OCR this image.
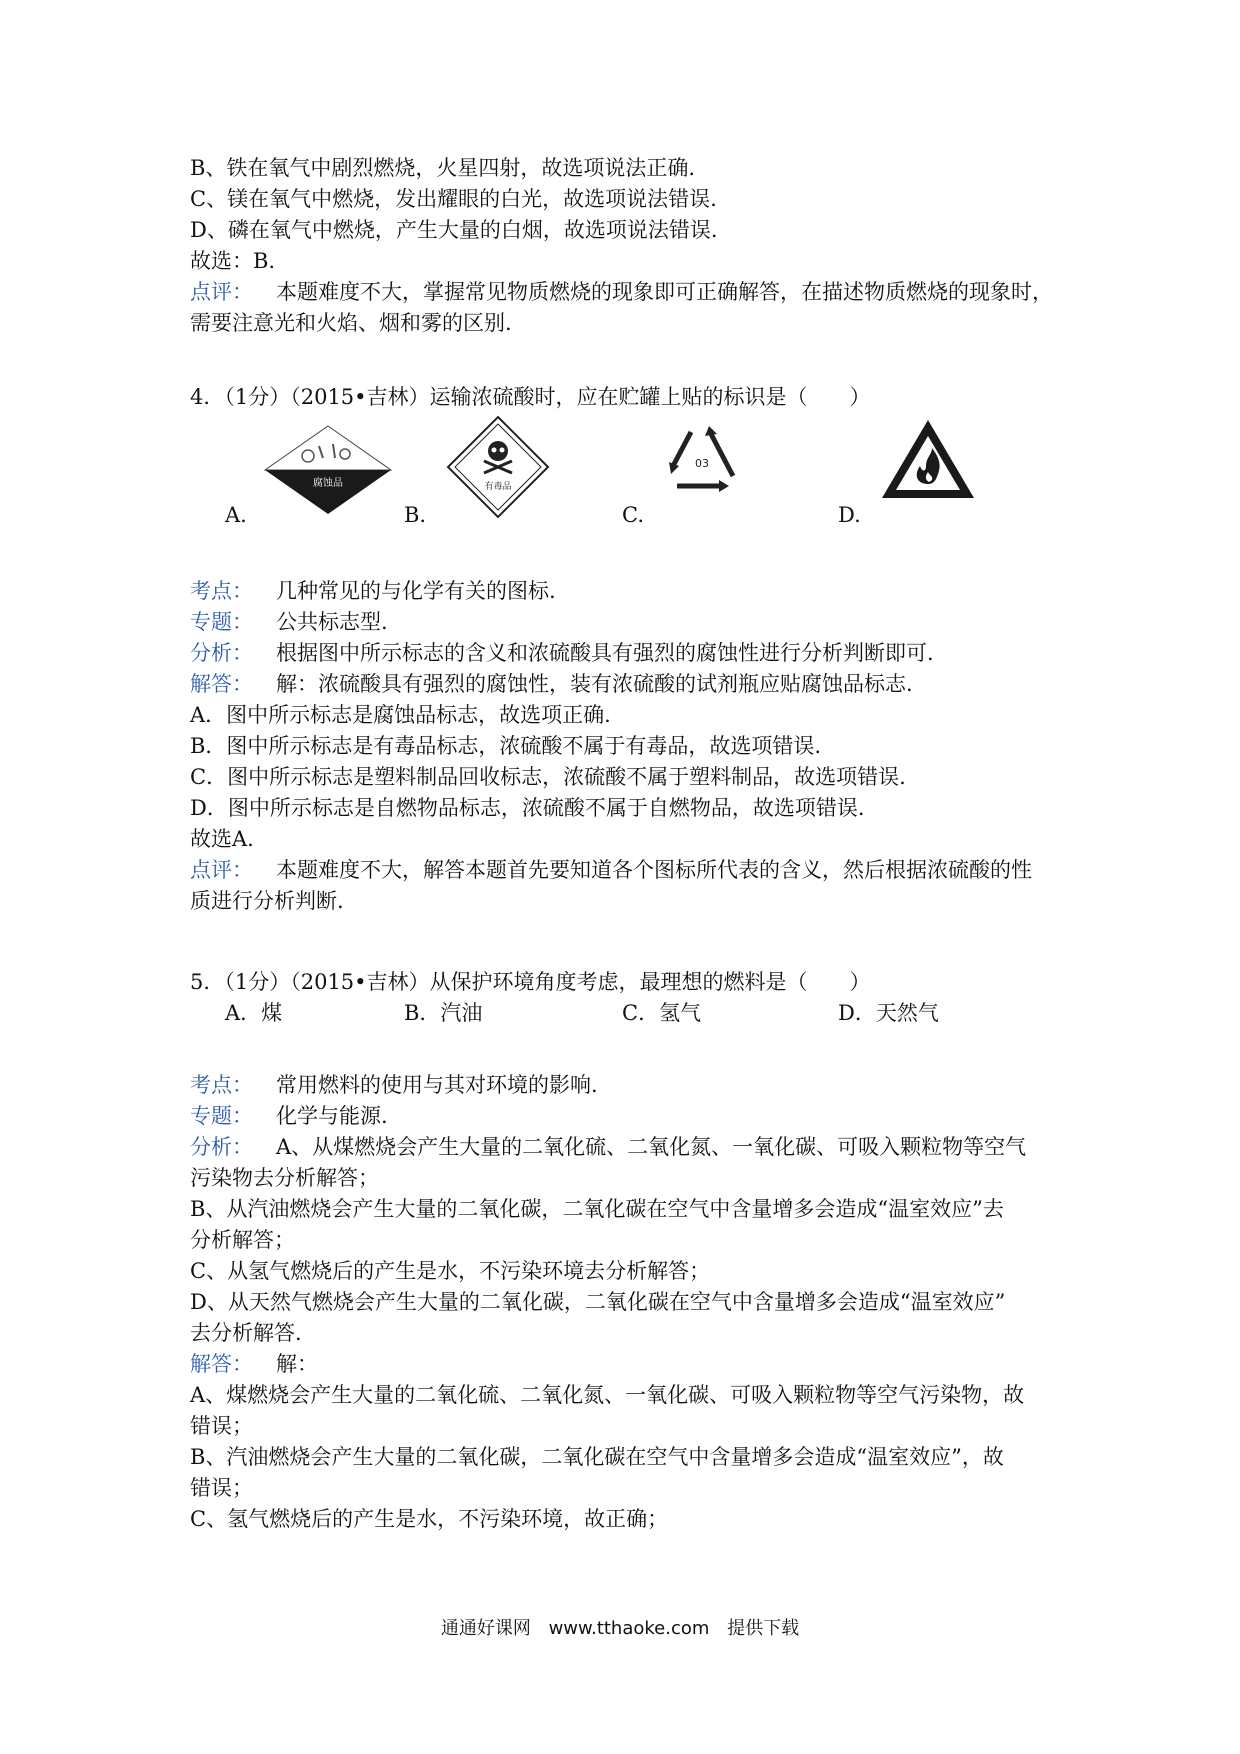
B、铁在氧气中剧烈燃烧，火星四射，故选项说法正确.
C、镁在氧气中燃烧，发出耀眼的白光，故选项说法错误.
D、磷在氧气中燃烧，产生大量的白烟，故选项说法错误.
故选：B.
点评： 本题难度不大，掌握常见物质燃烧的现象即可正确解答，在描述物质燃烧的现象时，
需要注意光和火焰、烟和雾的区别.
4．（1分）（2015•吉林）运输浓硫酸时，应在贮罐上贴的标识是（　　）
腐蚀品
A.
有毒品
B.
03
C.	D.
考点： 几种常见的与化学有关的图标.
专题： 公共标志型.
分析： 根据图中所示标志的含义和浓硫酸具有强烈的腐蚀性进行分析判断即可.
解答： 解：浓硫酸具有强烈的腐蚀性，装有浓硫酸的试剂瓶应贴腐蚀品标志.
A．图中所示标志是腐蚀品标志，故选项正确.
B．图中所示标志是有毒品标志，浓硫酸不属于有毒品，故选项错误.
C．图中所示标志是塑料制品回收标志，浓硫酸不属于塑料制品，故选项错误.
D．图中所示标志是自燃物品标志，浓硫酸不属于自燃物品，故选项错误.
故选A.
点评： 本题难度不大，解答本题首先要知道各个图标所代表的含义，然后根据浓硫酸的性
质进行分析判断.
5．（1分）（2015•吉林）从保护环境角度考虑，最理想的燃料是（　　）
A．煤	B．汽油	C．氢气	D．天然气
考点： 常用燃料的使用与其对环境的影响.
专题： 化学与能源.
分析： A、从煤燃烧会产生大量的二氧化硫、二氧化氮、一氧化碳、可吸入颗粒物等空气
污染物去分析解答；
B、从汽油燃烧会产生大量的二氧化碳，二氧化碳在空气中含量增多会造成“温室效应”去
分析解答；
C、从氢气燃烧后的产生是水，不污染环境去分析解答；
D、从天然气燃烧会产生大量的二氧化碳，二氧化碳在空气中含量增多会造成“温室效应”
去分析解答.
解答： 解：
A、煤燃烧会产生大量的二氧化硫、二氧化氮、一氧化碳、可吸入颗粒物等空气污染物，故
错误；
B、汽油燃烧会产生大量的二氧化碳，二氧化碳在空气中含量增多会造成“温室效应”，故
错误；
C、氢气燃烧后的产生是水，不污染环境，故正确；
通通好课网 www.tthaoke.com 提供下载
